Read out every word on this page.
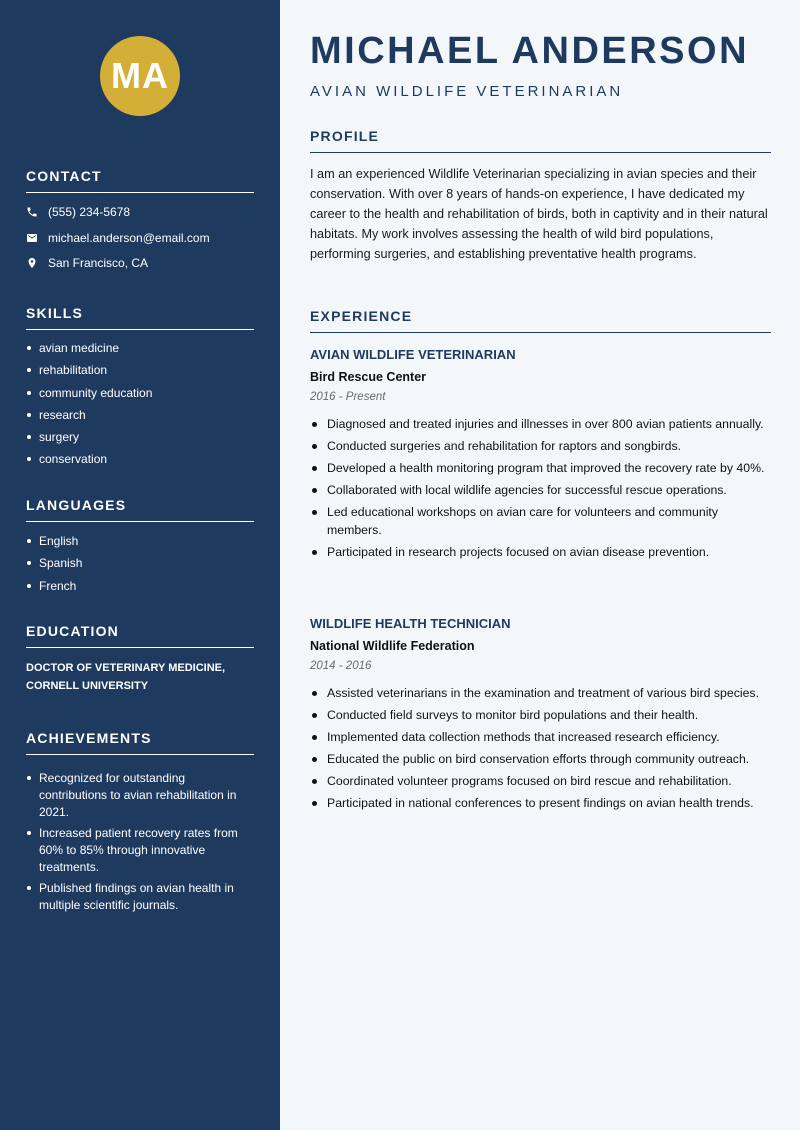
MA
CONTACT
(555) 234-5678
michael.anderson@email.com
San Francisco, CA
SKILLS
avian medicine
rehabilitation
community education
research
surgery
conservation
LANGUAGES
English
Spanish
French
EDUCATION
DOCTOR OF VETERINARY MEDICINE, CORNELL UNIVERSITY
ACHIEVEMENTS
Recognized for outstanding contributions to avian rehabilitation in 2021.
Increased patient recovery rates from 60% to 85% through innovative treatments.
Published findings on avian health in multiple scientific journals.
MICHAEL ANDERSON
AVIAN WILDLIFE VETERINARIAN
PROFILE
I am an experienced Wildlife Veterinarian specializing in avian species and their conservation. With over 8 years of hands-on experience, I have dedicated my career to the health and rehabilitation of birds, both in captivity and in their natural habitats. My work involves assessing the health of wild bird populations, performing surgeries, and establishing preventative health programs.
EXPERIENCE
AVIAN WILDLIFE VETERINARIAN
Bird Rescue Center
2016 - Present
Diagnosed and treated injuries and illnesses in over 800 avian patients annually.
Conducted surgeries and rehabilitation for raptors and songbirds.
Developed a health monitoring program that improved the recovery rate by 40%.
Collaborated with local wildlife agencies for successful rescue operations.
Led educational workshops on avian care for volunteers and community members.
Participated in research projects focused on avian disease prevention.
WILDLIFE HEALTH TECHNICIAN
National Wildlife Federation
2014 - 2016
Assisted veterinarians in the examination and treatment of various bird species.
Conducted field surveys to monitor bird populations and their health.
Implemented data collection methods that increased research efficiency.
Educated the public on bird conservation efforts through community outreach.
Coordinated volunteer programs focused on bird rescue and rehabilitation.
Participated in national conferences to present findings on avian health trends.
